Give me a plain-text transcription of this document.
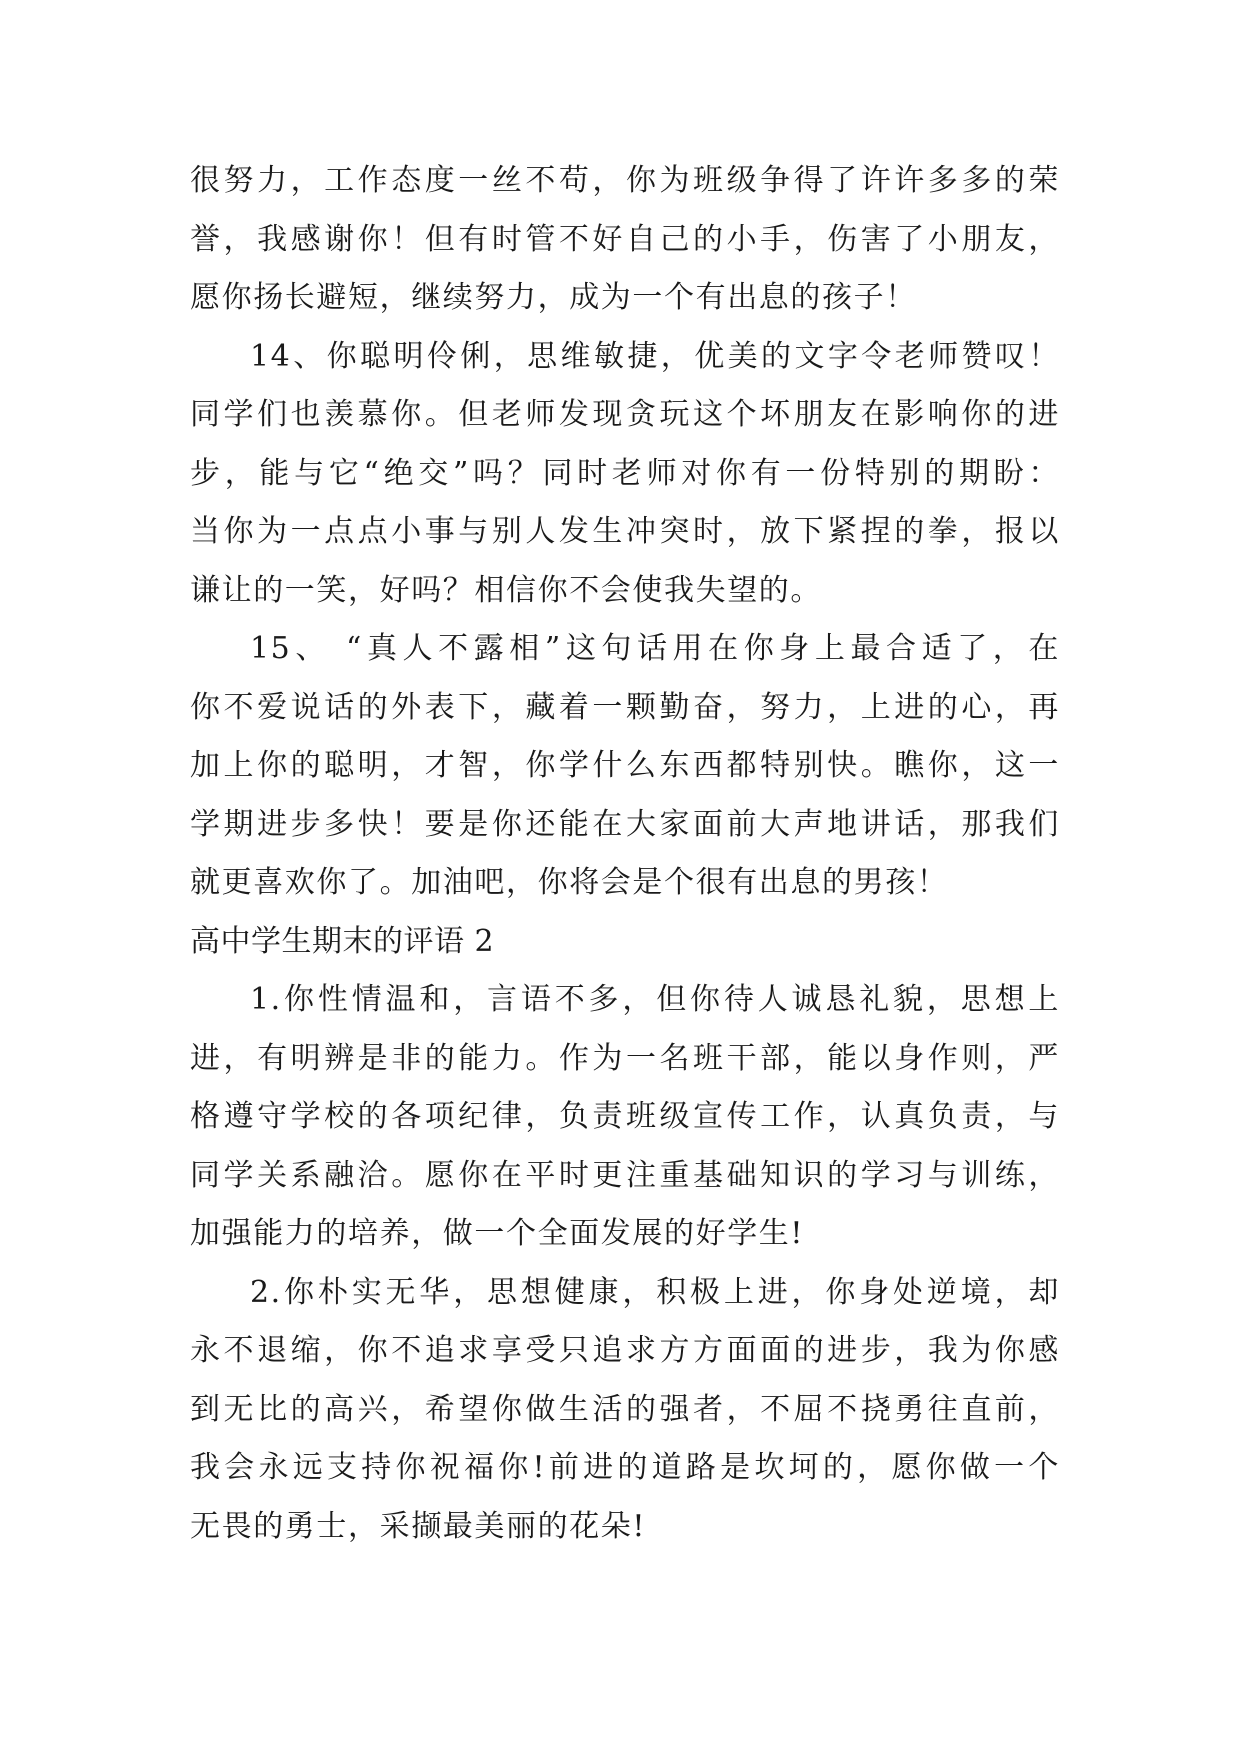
很努力，工作态度一丝不苟，你为班级争得了许许多多的荣
誉，我感谢你！但有时管不好自己的小手，伤害了小朋友，
愿你扬长避短，继续努力，成为一个有出息的孩子！
14、你聪明伶俐，思维敏捷，优美的文字令老师赞叹！
同学们也羡慕你。但老师发现贪玩这个坏朋友在影响你的进
步，能与它“绝交”吗？同时老师对你有一份特别的期盼：
当你为一点点小事与别人发生冲突时，放下紧捏的拳，报以
谦让的一笑，好吗？相信你不会使我失望的。
15、 “真人不露相”这句话用在你身上最合适了，在
你不爱说话的外表下，藏着一颗勤奋，努力，上进的心，再
加上你的聪明，才智，你学什么东西都特别快。瞧你，这一
学期进步多快！要是你还能在大家面前大声地讲话，那我们
就更喜欢你了。加油吧，你将会是个很有出息的男孩！
高中学生期末的评语 2
1.你性情温和，言语不多，但你待人诚恳礼貌，思想上
进，有明辨是非的能力。作为一名班干部，能以身作则，严
格遵守学校的各项纪律，负责班级宣传工作，认真负责，与
同学关系融洽。愿你在平时更注重基础知识的学习与训练，
加强能力的培养，做一个全面发展的好学生!
2.你朴实无华，思想健康，积极上进，你身处逆境，却
永不退缩，你不追求享受只追求方方面面的进步，我为你感
到无比的高兴，希望你做生活的强者，不屈不挠勇往直前，
我会永远支持你祝福你!前进的道路是坎坷的，愿你做一个
无畏的勇士，采撷最美丽的花朵!
